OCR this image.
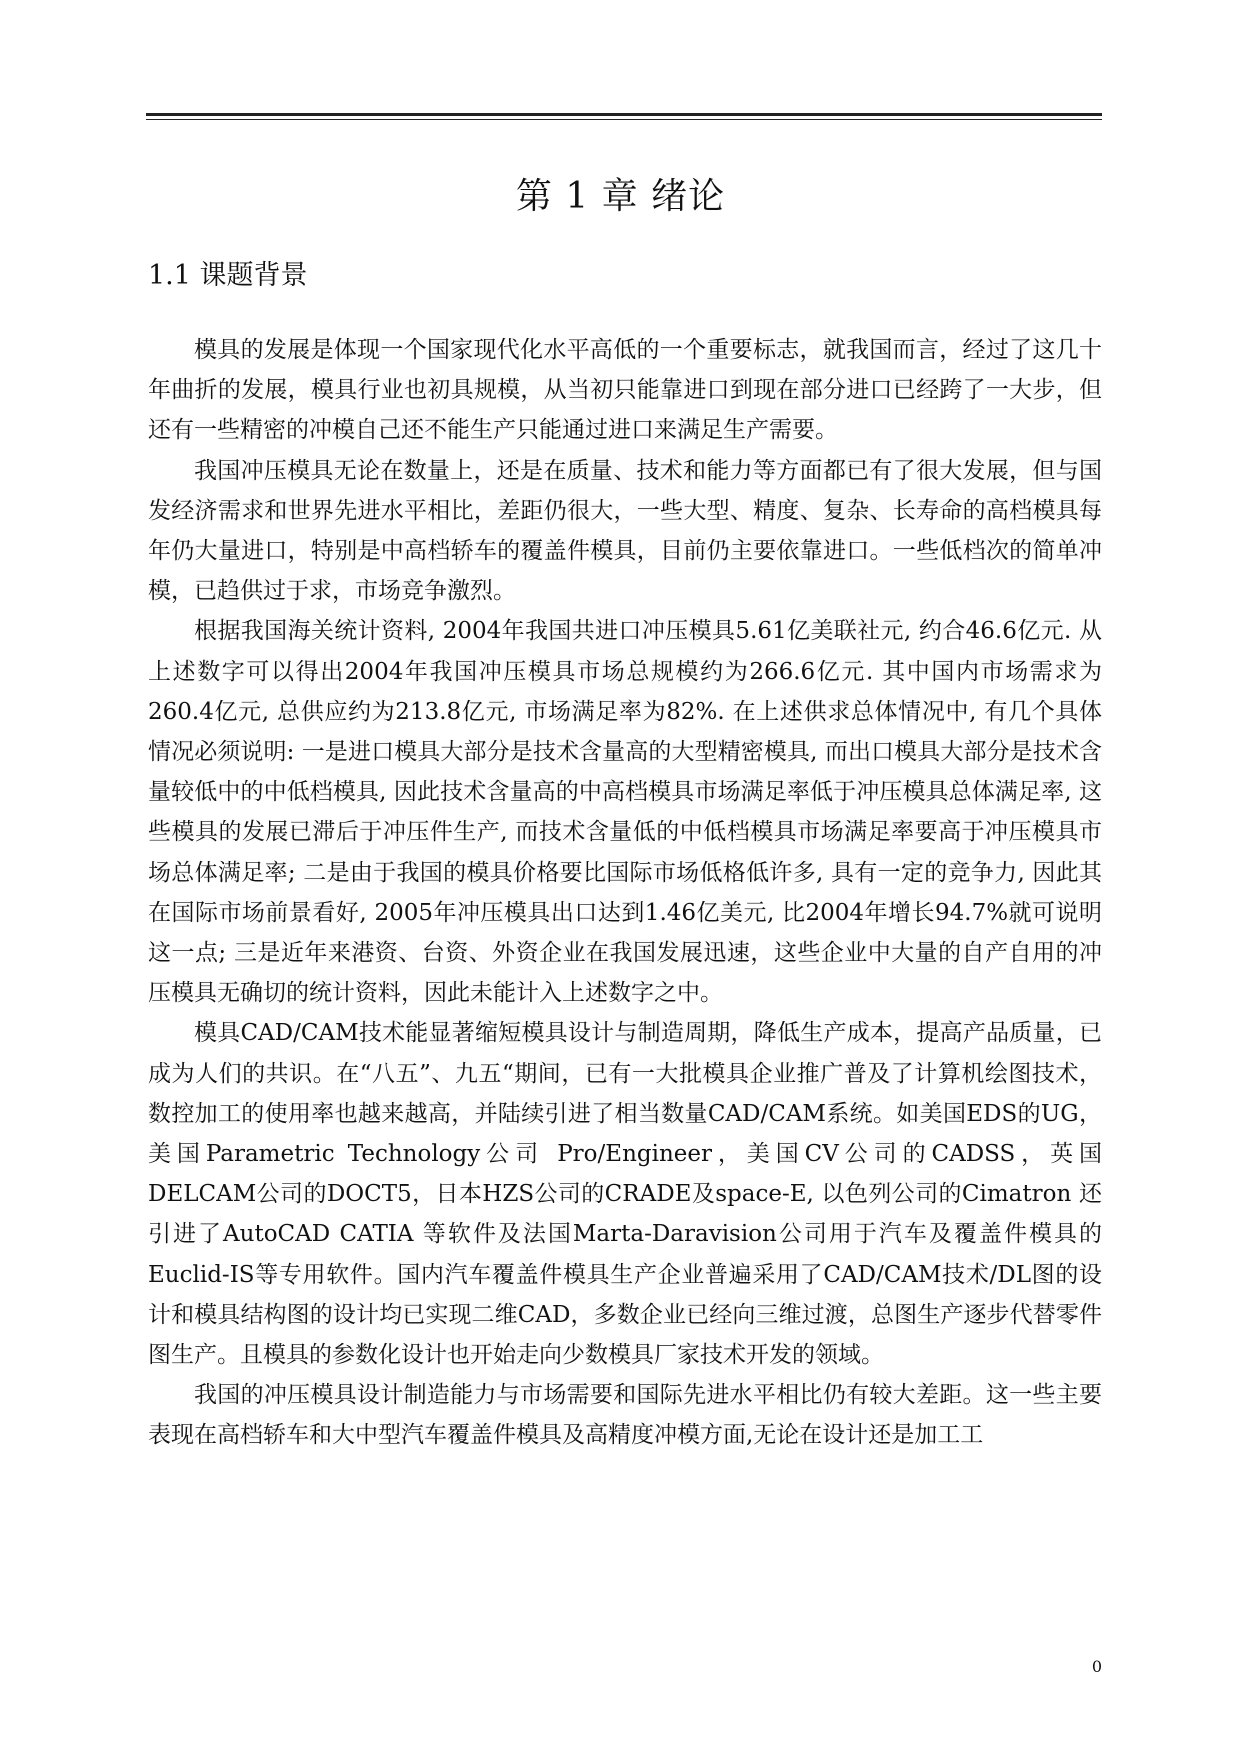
第 1 章 绪论
1.1 课题背景

模具的发展是体现一个国家现代化水平高低的一个重要标志，就我国而言，经过了这几十年曲折的发展，模具行业也初具规模，从当初只能靠进口到现在部分进口已经跨了一大步，但还有一些精密的冲模自己还不能生产只能通过进口来满足生产需要。

我国冲压模具无论在数量上，还是在质量、技术和能力等方面都已有了很大发展，但与国发经济需求和世界先进水平相比，差距仍很大，一些大型、精度、复杂、长寿命的高档模具每年仍大量进口，特别是中高档轿车的覆盖件模具，目前仍主要依靠进口。一些低档次的简单冲模，已趋供过于求，市场竞争激烈。

根据我国海关统计资料, 2004年我国共进口冲压模具5.61亿美联社元, 约合46.6亿元. 从上述数字可以得出2004年我国冲压模具市场总规模约为266.6亿元. 其中国内市场需求为260.4亿元, 总供应约为213.8亿元, 市场满足率为82%. 在上述供求总体情况中, 有几个具体情况必须说明: 一是进口模具大部分是技术含量高的大型精密模具, 而出口模具大部分是技术含量较低中的中低档模具, 因此技术含量高的中高档模具市场满足率低于冲压模具总体满足率, 这些模具的发展已滞后于冲压件生产, 而技术含量低的中低档模具市场满足率要高于冲压模具市场总体满足率; 二是由于我国的模具价格要比国际市场低格低许多, 具有一定的竞争力, 因此其在国际市场前景看好, 2005年冲压模具出口达到1.46亿美元, 比2004年增长94.7%就可说明这一点; 三是近年来港资、台资、外资企业在我国发展迅速，这些企业中大量的自产自用的冲压模具无确切的统计资料，因此未能计入上述数字之中。

模具CAD/CAM技术能显著缩短模具设计与制造周期，降低生产成本，提高产品质量，已成为人们的共识。在“八五”、九五“期间，已有一大批模具企业推广普及了计算机绘图技术，数控加工的使用率也越来越高，并陆续引进了相当数量CAD/CAM系统。如美国EDS的UG，美国Parametric Technology公司 Pro/Engineer，美国CV公司的CADSS，英国DELCAM公司的DOCT5，日本HZS公司的CRADE及space-E, 以色列公司的Cimatron 还引进了AutoCAD CATIA 等软件及法国Marta-Daravision公司用于汽车及覆盖件模具的Euclid-IS等专用软件。国内汽车覆盖件模具生产企业普遍采用了CAD/CAM技术/DL图的设计和模具结构图的设计均已实现二维CAD，多数企业已经向三维过渡，总图生产逐步代替零件图生产。且模具的参数化设计也开始走向少数模具厂家技术开发的领域。

我国的冲压模具设计制造能力与市场需要和国际先进水平相比仍有较大差距。这一些主要表现在高档轿车和大中型汽车覆盖件模具及高精度冲模方面,无论在设计还是加工工

0
